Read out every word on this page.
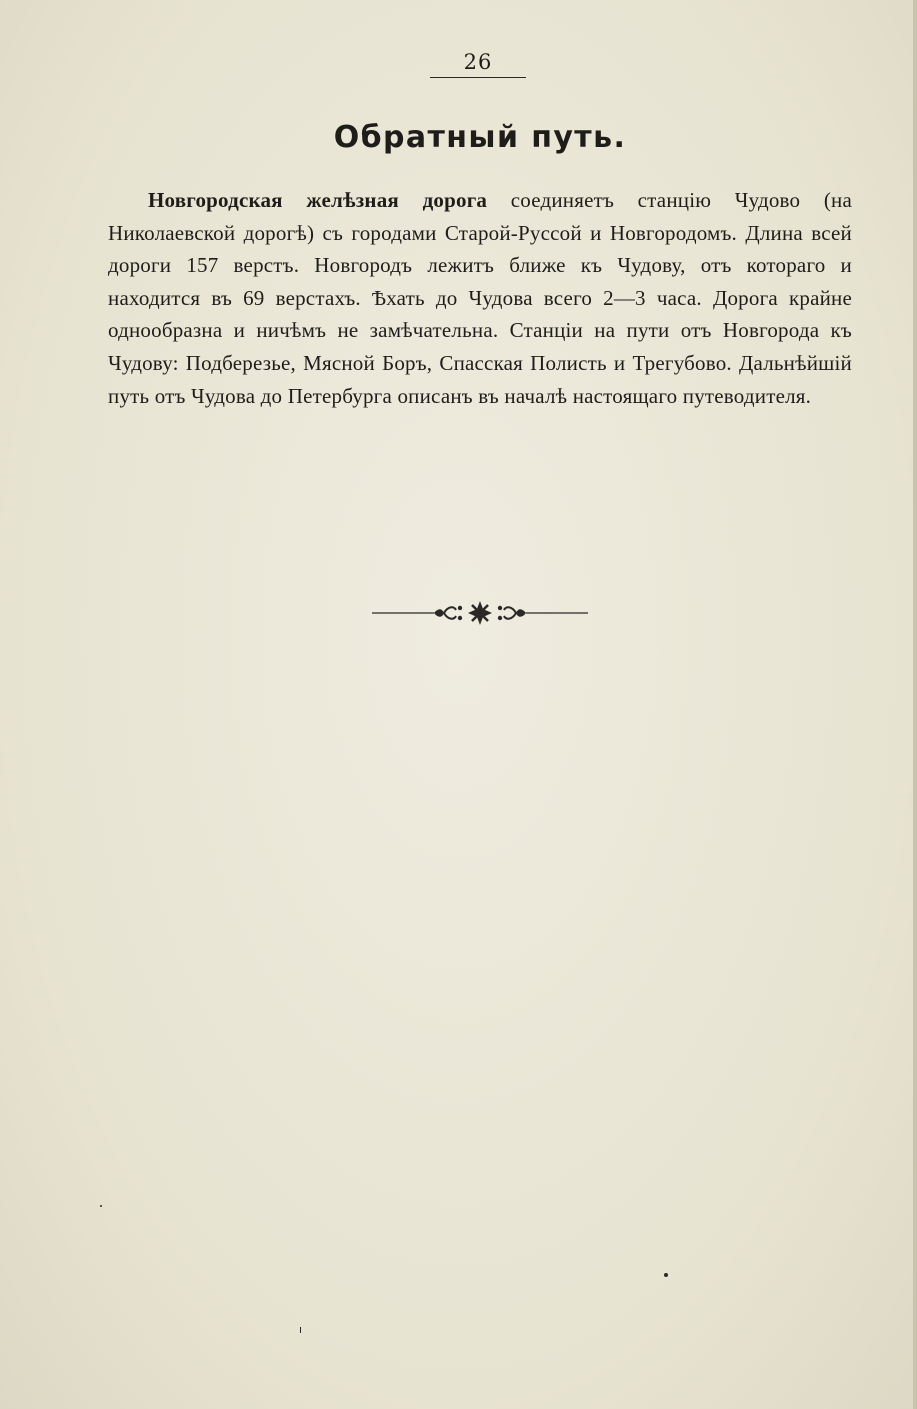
26
Обратный путь.

Новгородская желѣзная дорога соединяетъ станцію Чудово (на Николаевской дорогѣ) съ городами Старой-Руссой и Новгородомъ. Длина всей дороги 157 верстъ. Новгородъ лежитъ ближе къ Чудову, отъ котораго и находится въ 69 верстахъ. Ѣхать до Чудова всего 2—3 часа. Дорога крайне однообразна и ничѣмъ не замѣчательна. Станціи на пути отъ Новгорода къ Чудову: Подберезье, Мясной Боръ, Спасская Полисть и Трегубово. Дальнѣйшій путь отъ Чудова до Петербурга описанъ въ началѣ настоящаго путеводителя.
